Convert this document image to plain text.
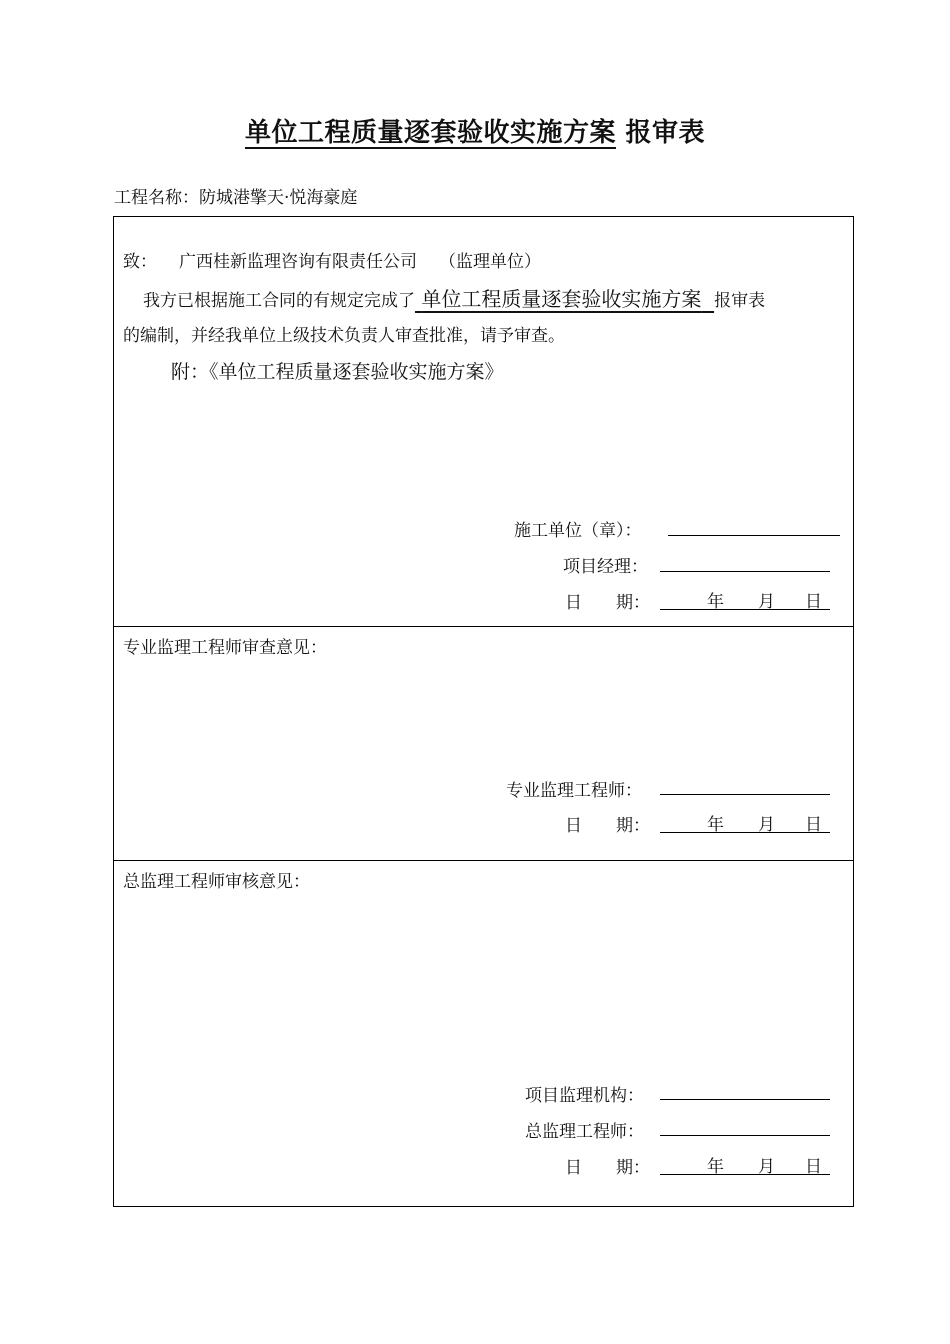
单位工程质量逐套验收实施方案 报审表
工程名称：防城港擎天·悦海豪庭
致： 广西桂新监理咨询有限责任公司 （监理单位）
我方已根据施工合同的有规定完成了 单位工程质量逐套验收实施方案 报审表
的编制，并经我单位上级技术负责人审查批准，请予审查。
附：《单位工程质量逐套验收实施方案》
施工单位（章）：
项目经理：
日　　期：	年 月 日
专业监理工程师审查意见：
专业监理工程师：
日　　期：	年 月 日
总监理工程师审核意见：
项目监理机构：
总监理工程师：
日　　期：	年 月 日
